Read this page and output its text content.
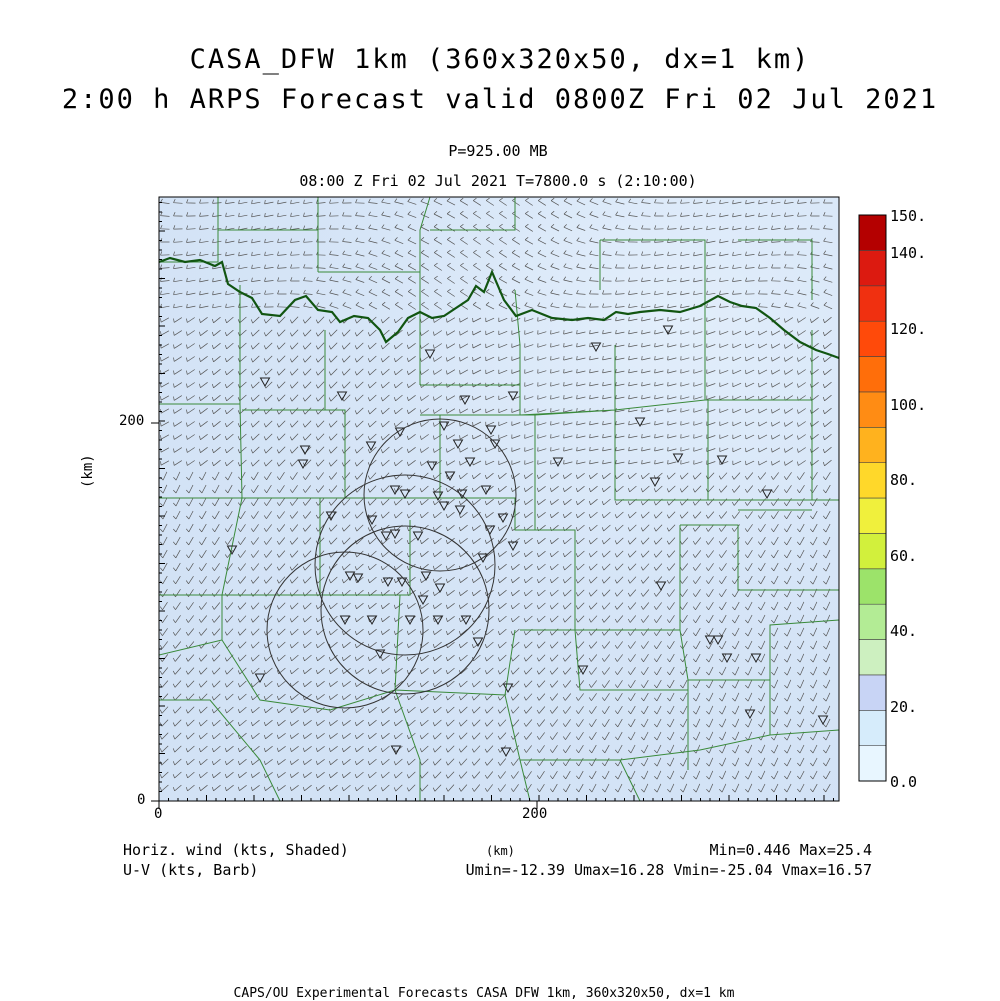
CASA_DFW 1km (360x320x50, dx=1 km)
2:00 h ARPS Forecast valid 0800Z Fri 02 Jul 2021
P=925.00 MB
08:00 Z Fri 02 Jul 2021 T=7800.0 s (2:10:00)
(km)
200
0
0	200
(km)
150.
140.
120.
100.
80.
60.
40.
20.
0.0
Horiz. wind (kts, Shaded)
U-V (kts, Barb)
Min=0.446 Max=25.4
Umin=-12.39 Umax=16.28 Vmin=-25.04 Vmax=16.57
CAPS/OU Experimental Forecasts CASA DFW 1km, 360x320x50, dx=1 km
